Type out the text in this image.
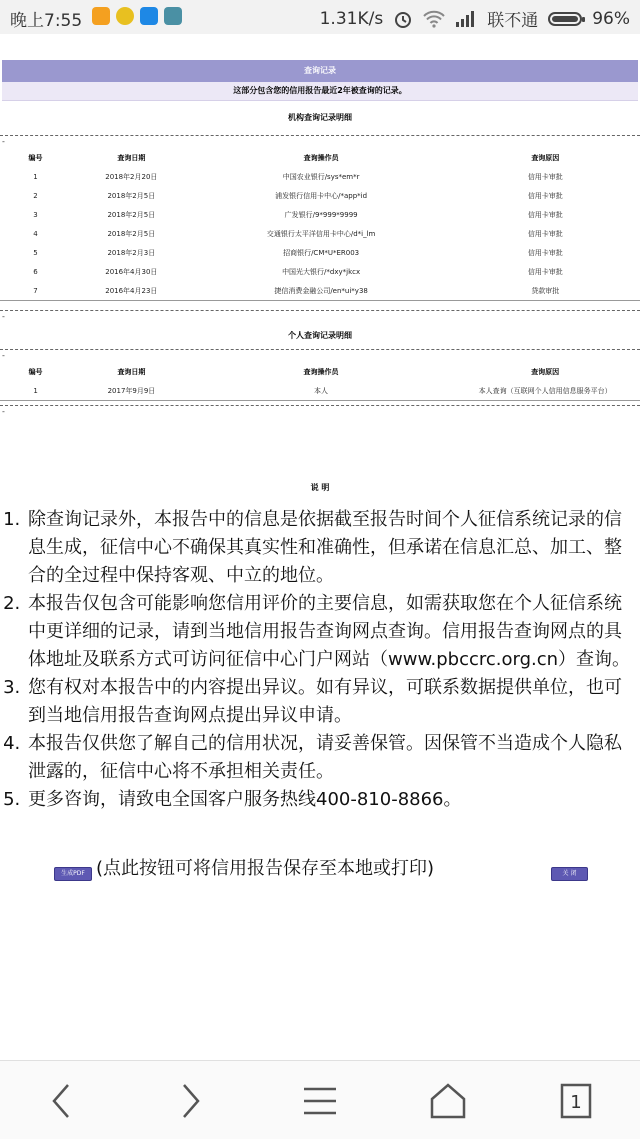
晚上7:55	1.31K/s	联不通	96%
查询记录
这部分包含您的信用报告最近2年被查询的记录。
机构查询记录明细
-
编号	查询日期	查询操作员	查询原因
1	2018年2月20日	中国农业银行/sys*em*r	信用卡审批
2	2018年2月5日	浦发银行信用卡中心/*app*id	信用卡审批
3	2018年2月5日	广发银行/9*999*9999	信用卡审批
4	2018年2月5日	交通银行太平洋信用卡中心/d*i_lm	信用卡审批
5	2018年2月3日	招商银行/CM*U*ER003	信用卡审批
6	2016年4月30日	中国光大银行/*dxy*jkcx	信用卡审批
7	2016年4月23日	捷信消费金融公司/en*ui*y38	贷款审批
-
个人查询记录明细
-
编号	查询日期	查询操作员	查询原因
1	2017年9月9日	本人	本人查询（互联网个人信用信息服务平台）
-
说 明
1. 除查询记录外，本报告中的信息是依据截至报告时间个人征信系统记录的信息生成，征信中心不确保其真实性和准确性，但承诺在信息汇总、加工、整合的全过程中保持客观、中立的地位。
2. 本报告仅包含可能影响您信用评价的主要信息，如需获取您在个人征信系统中更详细的记录，请到当地信用报告查询网点查询。信用报告查询网点的具体地址及联系方式可访问征信中心门户网站（www.pbccrc.org.cn）查询。
3. 您有权对本报告中的内容提出异议。如有异议，可联系数据提供单位，也可到当地信用报告查询网点提出异议申请。
4. 本报告仅供您了解自己的信用状况，请妥善保管。因保管不当造成个人隐私泄露的，征信中心将不承担相关责任。
5. 更多咨询，请致电全国客户服务热线400-810-8866。
生成PDF (点此按钮可将信用报告保存至本地或打印)	关 闭
1
